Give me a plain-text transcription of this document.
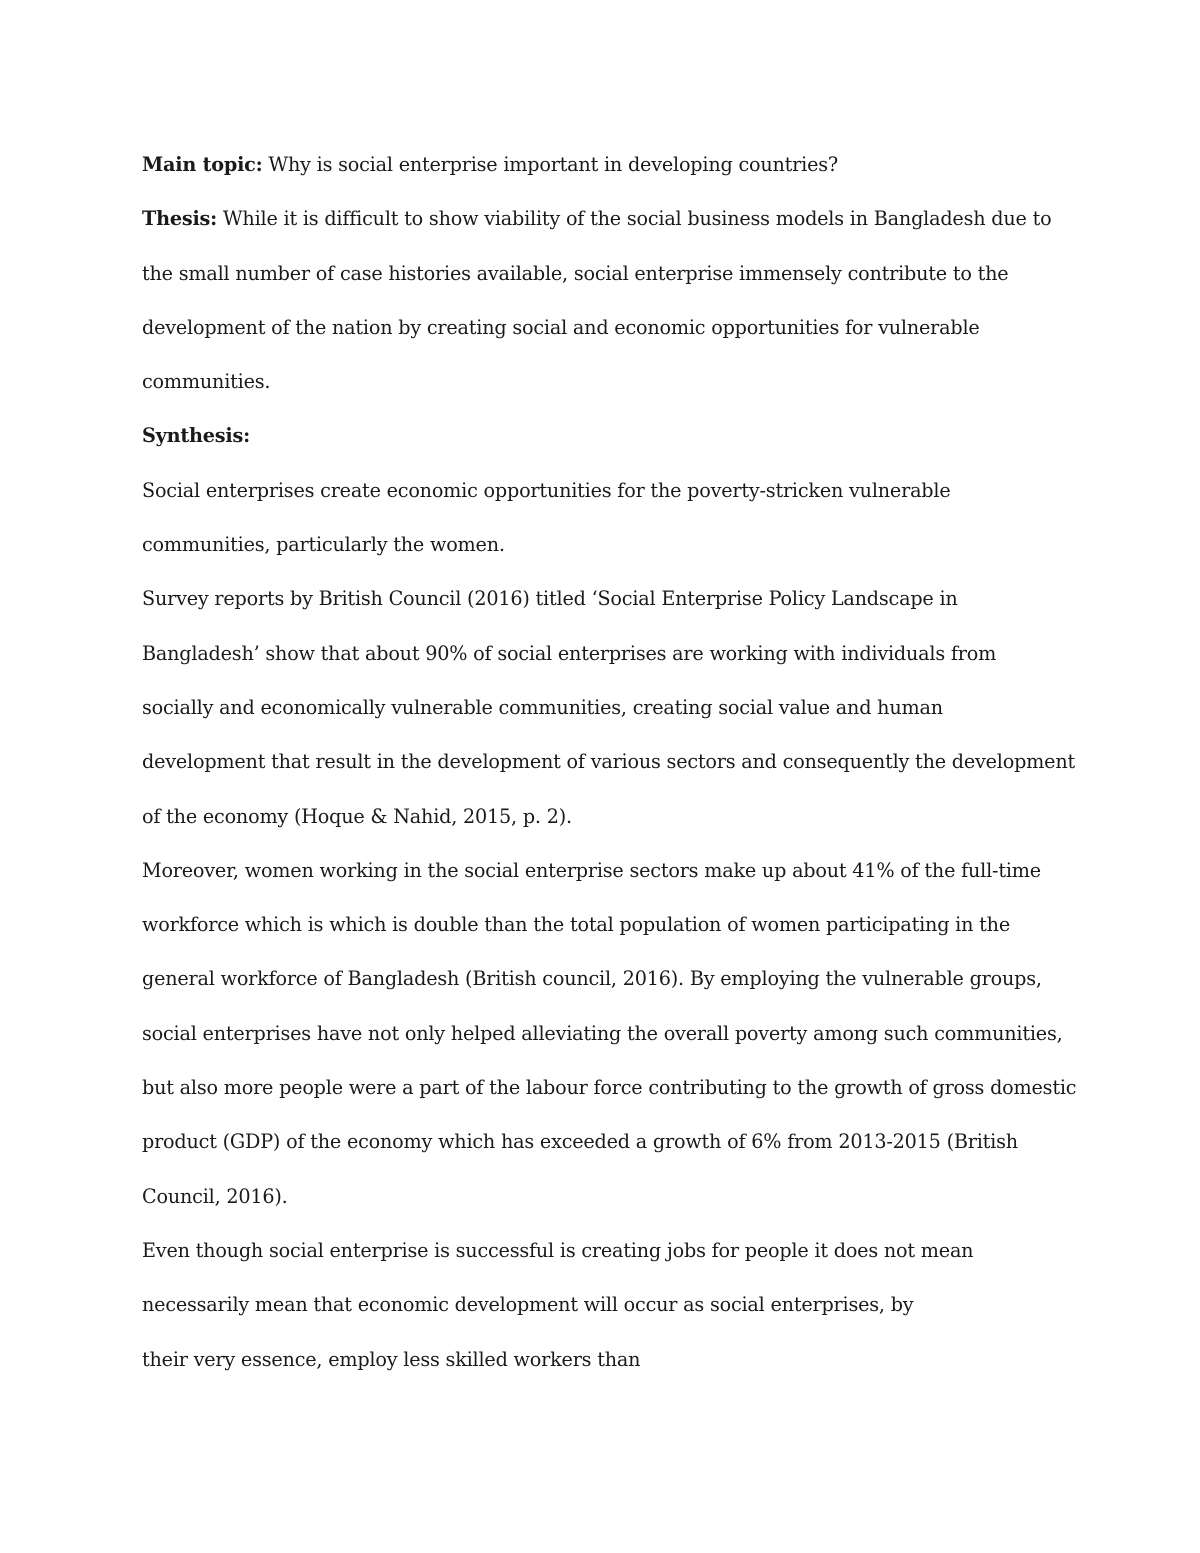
Main topic: Why is social enterprise important in developing countries?
Thesis: While it is difficult to show viability of the social business models in Bangladesh due to
the small number of case histories available, social enterprise immensely contribute to the
development of the nation by creating social and economic opportunities for vulnerable
communities.
Synthesis:
Social enterprises create economic opportunities for the poverty-stricken vulnerable
communities, particularly the women.
Survey reports by British Council (2016) titled ‘Social Enterprise Policy Landscape in
Bangladesh’ show that about 90% of social enterprises are working with individuals from
socially and economically vulnerable communities, creating social value and human
development that result in the development of various sectors and consequently the development
of the economy (Hoque & Nahid, 2015, p. 2).
Moreover, women working in the social enterprise sectors make up about 41% of the full-time
workforce which is which is double than the total population of women participating in the
general workforce of Bangladesh (British council, 2016). By employing the vulnerable groups,
social enterprises have not only helped alleviating the overall poverty among such communities,
but also more people were a part of the labour force contributing to the growth of gross domestic
product (GDP) of the economy which has exceeded a growth of 6% from 2013-2015 (British
Council, 2016).
Even though social enterprise is successful is creating jobs for people it does not mean
necessarily mean that economic development will occur as social enterprises, by
their very essence, employ less skilled workers than
